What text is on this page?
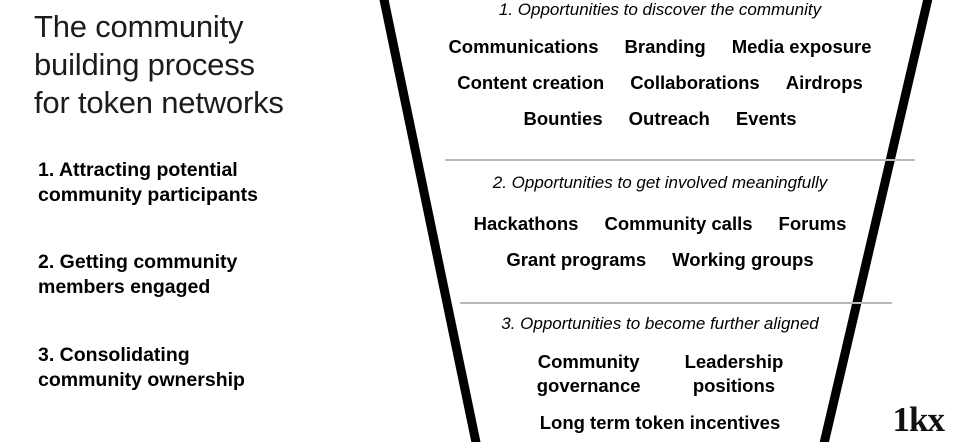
The community
building process
for token networks
1. Attracting potential
community participants
2. Getting community
members engaged
3. Consolidating
community ownership
1. Opportunities to discover the community
Communications Branding Media exposure
Content creation Collaborations Airdrops
Bounties Outreach Events
2. Opportunities to get involved meaningfully
Hackathons Community calls Forums
Grant programs Working groups
3. Opportunities to become further aligned
Community
governance
Leadership
positions
Long term token incentives	1kx
